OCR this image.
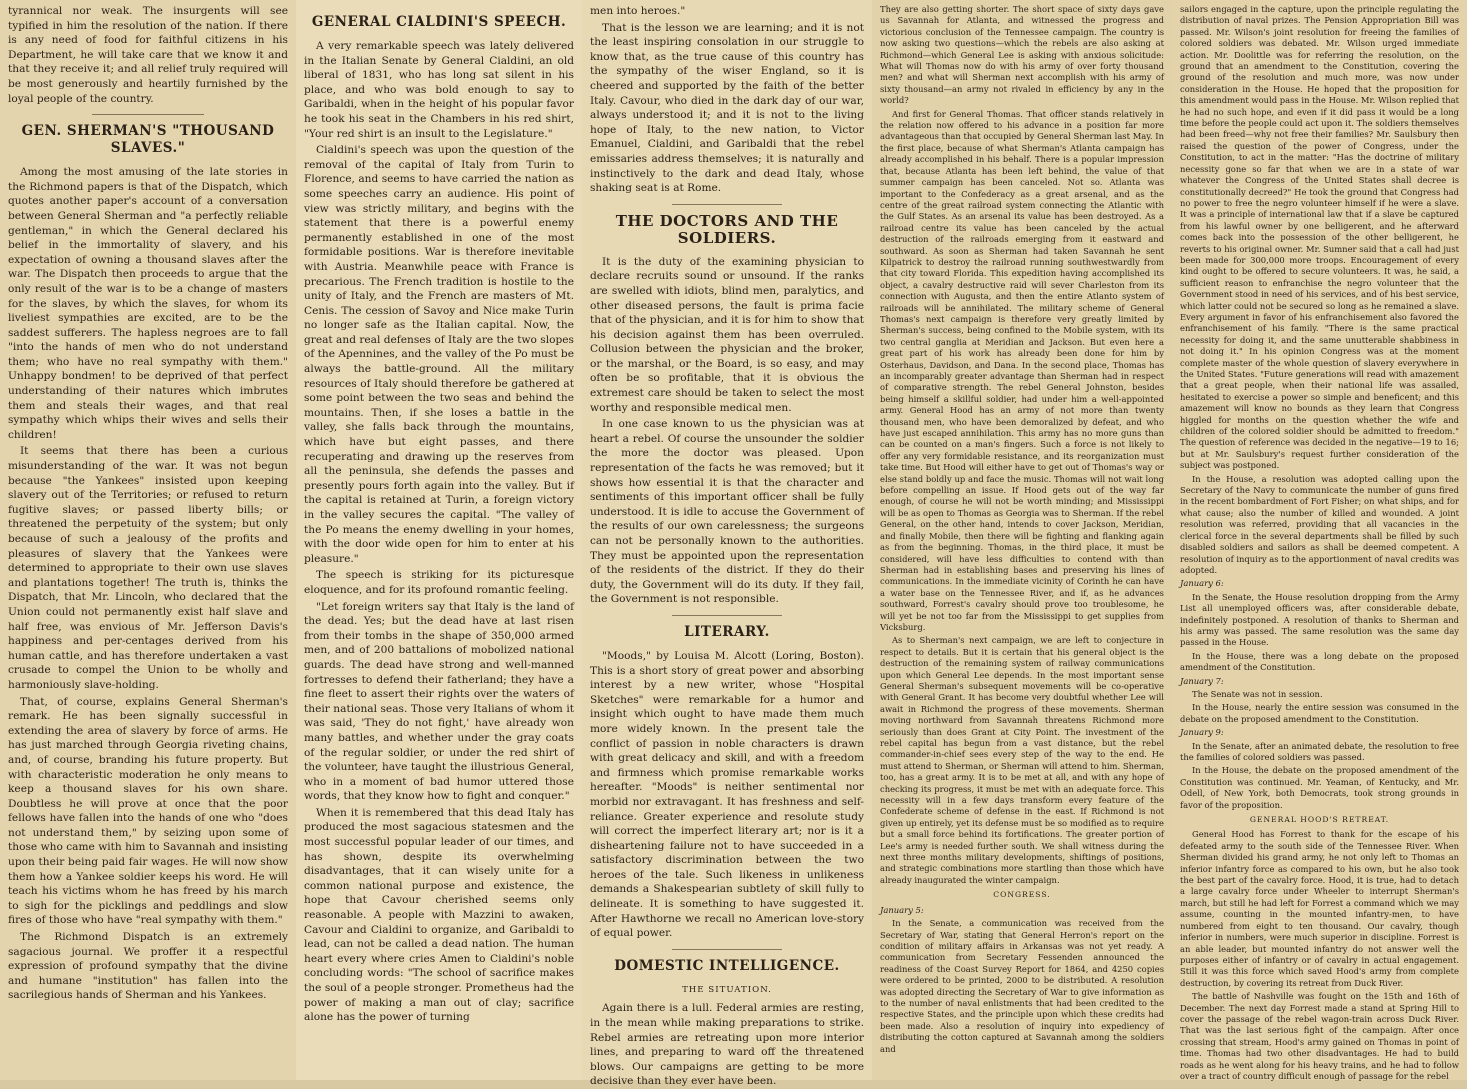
tyrannical nor weak. The insurgents will see typified in him the resolution of the nation. If there is any need of food for faithful citizens in his Department, he will take care that we know it and that they receive it; and all relief truly required will be most generously and heartily furnished by the loyal people of the country.

GEN. SHERMAN'S "THOUSAND SLAVES."

Among the most amusing of the late stories in the Richmond papers is that of the Dispatch, which quotes another paper's account of a conversation between General Sherman and "a perfectly reliable gentleman," in which the General declared his belief in the immortality of slavery, and his expectation of owning a thousand slaves after the war. The Dispatch then proceeds to argue that the only result of the war is to be a change of masters for the slaves, by which the slaves, for whom its liveliest sympathies are excited, are to be the saddest sufferers. The hapless negroes are to fall "into the hands of men who do not understand them; who have no real sympathy with them." Unhappy bondmen! to be deprived of that perfect understanding of their natures which imbrutes them and steals their wages, and that real sympathy which whips their wives and sells their children!

It seems that there has been a curious misunderstanding of the war. It was not begun because "the Yankees" insisted upon keeping slavery out of the Territories; or refused to return fugitive slaves; or passed liberty bills; or threatened the perpetuity of the system; but only because of such a jealousy of the profits and pleasures of slavery that the Yankees were determined to appropriate to their own use slaves and plantations together! The truth is, thinks the Dispatch, that Mr. Lincoln, who declared that the Union could not permanently exist half slave and half free, was envious of Mr. Jefferson Davis's happiness and per-centages derived from his human cattle, and has therefore undertaken a vast crusade to compel the Union to be wholly and harmoniously slave-holding.

That, of course, explains General Sherman's remark. He has been signally successful in extending the area of slavery by force of arms. He has just marched through Georgia riveting chains, and, of course, branding his future property. But with characteristic moderation he only means to keep a thousand slaves for his own share. Doubtless he will prove at once that the poor fellows have fallen into the hands of one who "does not understand them," by seizing upon some of those who came with him to Savannah and insisting upon their being paid fair wages. He will now show them how a Yankee soldier keeps his word. He will teach his victims whom he has freed by his march to sigh for the picklings and peddlings and slow fires of those who have "real sympathy with them."

The Richmond Dispatch is an extremely sagacious journal. We proffer it a respectful expression of profound sympathy that the divine and humane "institution" has fallen into the sacrilegious hands of Sherman and his Yankees.

GENERAL CIALDINI'S SPEECH.

A very remarkable speech was lately delivered in the Italian Senate by General Cialdini, an old liberal of 1831, who has long sat silent in his place, and who was bold enough to say to Garibaldi, when in the height of his popular favor he took his seat in the Chambers in his red shirt, "Your red shirt is an insult to the Legislature."

Cialdini's speech was upon the question of the removal of the capital of Italy from Turin to Florence, and seems to have carried the nation as some speeches carry an audience. His point of view was strictly military, and begins with the statement that there is a powerful enemy permanently established in one of the most formidable positions. War is therefore inevitable with Austria. Meanwhile peace with France is precarious. The French tradition is hostile to the unity of Italy, and the French are masters of Mt. Cenis. The cession of Savoy and Nice make Turin no longer safe as the Italian capital. Now, the great and real defenses of Italy are the two slopes of the Apennines, and the valley of the Po must be always the battle-ground. All the military resources of Italy should therefore be gathered at some point between the two seas and behind the mountains. Then, if she loses a battle in the valley, she falls back through the mountains, which have but eight passes, and there recuperating and drawing up the reserves from all the peninsula, she defends the passes and presently pours forth again into the valley. But if the capital is retained at Turin, a foreign victory in the valley secures the capital. "The valley of the Po means the enemy dwelling in your homes, with the door wide open for him to enter at his pleasure."

The speech is striking for its picturesque eloquence, and for its profound romantic feeling.

"Let foreign writers say that Italy is the land of the dead. Yes; but the dead have at last risen from their tombs in the shape of 350,000 armed men, and of 200 battalions of mobolized national guards. The dead have strong and well-manned fortresses to defend their fatherland; they have a fine fleet to assert their rights over the waters of their national seas. Those very Italians of whom it was said, 'They do not fight,' have already won many battles, and whether under the gray coats of the regular soldier, or under the red shirt of the volunteer, have taught the illustrious General, who in a moment of bad humor uttered those words, that they know how to fight and conquer."

When it is remembered that this dead Italy has produced the most sagacious statesmen and the most successful popular leader of our times, and has shown, despite its overwhelming disadvantages, that it can wisely unite for a common national purpose and existence, the hope that Cavour cherished seems only reasonable. A people with Mazzini to awaken, Cavour and Cialdini to organize, and Garibaldi to lead, can not be called a dead nation. The human heart every where cries Amen to Cialdini's noble concluding words: "The school of sacrifice makes the soul of a people stronger. Prometheus had the power of making a man out of clay; sacrifice alone has the power of turning

men into heroes."

That is the lesson we are learning; and it is not the least inspiring consolation in our struggle to know that, as the true cause of this country has the sympathy of the wiser England, so it is cheered and supported by the faith of the better Italy. Cavour, who died in the dark day of our war, always understood it; and it is not to the living hope of Italy, to the new nation, to Victor Emanuel, Cialdini, and Garibaldi that the rebel emissaries address themselves; it is naturally and instinctively to the dark and dead Italy, whose shaking seat is at Rome.

THE DOCTORS AND THE SOLDIERS.

It is the duty of the examining physician to declare recruits sound or unsound. If the ranks are swelled with idiots, blind men, paralytics, and other diseased persons, the fault is prima facie that of the physician, and it is for him to show that his decision against them has been overruled. Collusion between the physician and the broker, or the marshal, or the Board, is so easy, and may often be so profitable, that it is obvious the extremest care should be taken to select the most worthy and responsible medical men.

In one case known to us the physician was at heart a rebel. Of course the unsounder the soldier the more the doctor was pleased. Upon representation of the facts he was removed; but it shows how essential it is that the character and sentiments of this important officer shall be fully understood. It is idle to accuse the Government of the results of our own carelessness; the surgeons can not be personally known to the authorities. They must be appointed upon the representation of the residents of the district. If they do their duty, the Government will do its duty. If they fail, the Government is not responsible.

LITERARY.

"Moods," by Louisa M. Alcott (Loring, Boston). This is a short story of great power and absorbing interest by a new writer, whose "Hospital Sketches" were remarkable for a humor and insight which ought to have made them much more widely known. In the present tale the conflict of passion in noble characters is drawn with great delicacy and skill, and with a freedom and firmness which promise remarkable works hereafter. "Moods" is neither sentimental nor morbid nor extravagant. It has freshness and self-reliance. Greater experience and resolute study will correct the imperfect literary art; nor is it a disheartening failure not to have succeeded in a satisfactory discrimination between the two heroes of the tale. Such likeness in unlikeness demands a Shakespearian subtlety of skill fully to delineate. It is something to have suggested it. After Hawthorne we recall no American love-story of equal power.

DOMESTIC INTELLIGENCE.
THE SITUATION.

Again there is a lull. Federal armies are resting, in the mean while making preparations to strike. Rebel armies are retreating upon more interior lines, and preparing to ward off the threatened blows. Our campaigns are getting to be more decisive than they ever have been.

They are also getting shorter. The short space of sixty days gave us Savannah for Atlanta, and witnessed the progress and victorious conclusion of the Tennessee campaign. The country is now asking two questions—which the rebels are also asking at Richmond—which General Lee is asking with anxious solicitude: What will Thomas now do with his army of over forty thousand men? and what will Sherman next accomplish with his army of sixty thousand—an army not rivaled in efficiency by any in the world?

And first for General Thomas. That officer stands relatively in the relation now offered to his advance in a position far more advantageous than that occupied by General Sherman last May. In the first place, because of what Sherman's Atlanta campaign has already accomplished in his behalf. There is a popular impression that, because Atlanta has been left behind, the value of that summer campaign has been canceled. Not so. Atlanta was important to the Confederacy as a great arsenal, and as the centre of the great railroad system connecting the Atlantic with the Gulf States. As an arsenal its value has been destroyed. As a railroad centre its value has been canceled by the actual destruction of the railroads emerging from it eastward and southward. As soon as Sherman had taken Savannah he sent Kilpatrick to destroy the railroad running southwestwardly from that city toward Florida. This expedition having accomplished its object, a cavalry destructive raid will sever Charleston from its connection with Augusta, and then the entire Atlanto system of railroads will be annihilated. The military scheme of General Thomas's next campaign is therefore very greatly limited by Sherman's success, being confined to the Mobile system, with its two central ganglia at Meridian and Jackson. But even here a great part of his work has already been done for him by Osterhaus, Davidson, and Dana. In the second place, Thomas has an incomparably greater advantage than Sherman had in respect of comparative strength. The rebel General Johnston, besides being himself a skillful soldier, had under him a well-appointed army. General Hood has an army of not more than twenty thousand men, who have been demoralized by defeat, and who have just escaped annihilation. This army has no more guns than can be counted on a man's fingers. Such a force is not likely to offer any very formidable resistance, and its reorganization must take time. But Hood will either have to get out of Thomas's way or else stand boldly up and face the music. Thomas will not wait long before compelling an issue. If Hood gets out of the way far enough, of course he will not be worth minding; and Mississippi will be as open to Thomas as Georgia was to Sherman. If the rebel General, on the other hand, intends to cover Jackson, Meridian, and finally Mobile, then there will be fighting and flanking again as from the beginning. Thomas, in the third place, it must be considered, will have less difficulties to contend with than Sherman had in establishing bases and preserving his lines of communications. In the immediate vicinity of Corinth he can have a water base on the Tennessee River, and if, as he advances southward, Forrest's cavalry should prove too troublesome, he will yet be not too far from the Mississippi to get supplies from Vicksburg.

As to Sherman's next campaign, we are left to conjecture in respect to details. But it is certain that his general object is the destruction of the remaining system of railway communications upon which General Lee depends. In the most important sense General Sherman's subsequent movements will be co-operative with General Grant. It has become very doubtful whether Lee will await in Richmond the progress of these movements. Sherman moving northward from Savannah threatens Richmond more seriously than does Grant at City Point. The investment of the rebel capital has begun from a vast distance, but the rebel commander-in-chief sees every step of the way to the end. He must attend to Sherman, or Sherman will attend to him. Sherman, too, has a great army. It is to be met at all, and with any hope of checking its progress, it must be met with an adequate force. This necessity will in a few days transform every feature of the Confederate scheme of defense in the east. If Richmond is not given up entirely, yet its defense must be so modified as to require but a small force behind its fortifications. The greater portion of Lee's army is needed further south. We shall witness during the next three months military developments, shiftings of positions, and strategic combinations more startling than those which have already inaugurated the winter campaign.

CONGRESS.

January 5:

In the Senate, a communication was received from the Secretary of War, stating that General Herron's report on the condition of military affairs in Arkansas was not yet ready. A communication from Secretary Fessenden announced the readiness of the Coast Survey Report for 1864, and 4250 copies were ordered to be printed, 2000 to be distributed. A resolution was adopted directing the Secretary of War to give information as to the number of naval enlistments that had been credited to the respective States, and the principle upon which these credits had been made. Also a resolution of inquiry into expediency of distributing the cotton captured at Savannah among the soldiers and

sailors engaged in the capture, upon the principle regulating the distribution of naval prizes. The Pension Appropriation Bill was passed. Mr. Wilson's joint resolution for freeing the families of colored soldiers was debated. Mr. Wilson urged immediate action. Mr. Doolittle was for referring the resolution, on the ground that an amendment to the Constitution, covering the ground of the resolution and much more, was now under consideration in the House. He hoped that the proposition for this amendment would pass in the House. Mr. Wilson replied that he had no such hope, and even if it did pass it would be a long time before the people could act upon it. The soldiers themselves had been freed—why not free their families? Mr. Saulsbury then raised the question of the power of Congress, under the Constitution, to act in the matter: "Has the doctrine of military necessity gone so far that when we are in a state of war whatever the Congress of the United States shall decree is constitutionally decreed?" He took the ground that Congress had no power to free the negro volunteer himself if he were a slave. It was a principle of international law that if a slave be captured from his lawful owner by one belligerent, and he afterward comes back into the possession of the other belligerent, he reverts to his original owner. Mr. Sumner said that a call had just been made for 300,000 more troops. Encouragement of every kind ought to be offered to secure volunteers. It was, he said, a sufficient reason to enfranchise the negro volunteer that the Government stood in need of his services, and of his best service, which latter could not be secured so long as he remained a slave. Every argument in favor of his enfranchisement also favored the enfranchisement of his family. "There is the same practical necessity for doing it, and the same unutterable shabbiness in not doing it." In his opinion Congress was at the moment complete master of the whole question of slavery everywhere in the United States. "Future generations will read with amazement that a great people, when their national life was assailed, hesitated to exercise a power so simple and beneficent; and this amazement will know no bounds as they learn that Congress higgled for months on the question whether the wife and children of the colored soldier should be admitted to freedom." The question of reference was decided in the negative—19 to 16; but at Mr. Saulsbury's request further consideration of the subject was postponed.

In the House, a resolution was adopted calling upon the Secretary of the Navy to communicate the number of guns fired in the recent bombardment of Fort Fisher; on what ships, and for what cause; also the number of killed and wounded. A joint resolution was referred, providing that all vacancies in the clerical force in the several departments shall be filled by such disabled soldiers and sailors as shall be deemed competent. A resolution of inquiry as to the apportionment of naval credits was adopted.

January 6:

In the Senate, the House resolution dropping from the Army List all unemployed officers was, after considerable debate, indefinitely postponed. A resolution of thanks to Sherman and his army was passed. The same resolution was the same day passed in the House.

In the House, there was a long debate on the proposed amendment of the Constitution.

January 7:

The Senate was not in session.

In the House, nearly the entire session was consumed in the debate on the proposed amendment to the Constitution.

January 9:

In the Senate, after an animated debate, the resolution to free the families of colored soldiers was passed.

In the House, the debate on the proposed amendment of the Constitution was continued. Mr. Yeaman, of Kentucky, and Mr. Odell, of New York, both Democrats, took strong grounds in favor of the proposition.

GENERAL HOOD'S RETREAT.

General Hood has Forrest to thank for the escape of his defeated army to the south side of the Tennessee River. When Sherman divided his grand army, he not only left to Thomas an inferior infantry force as compared to his own, but he also took the best part of the cavalry force. Hood, it is true, had to detach a large cavalry force under Wheeler to interrupt Sherman's march, but still he had left for Forrest a command which we may assume, counting in the mounted infantry-men, to have numbered from eight to ten thousand. Our cavalry, though inferior in numbers, were much superior in discipline. Forrest is an able leader, but mounted infantry do not answer well the purposes either of infantry or of cavalry in actual engagement. Still it was this force which saved Hood's army from complete destruction, by covering its retreat from Duck River.

The battle of Nashville was fought on the 15th and 16th of December. The next day Forrest made a stand at Spring Hill to cover the passage of the rebel wagon-train across Duck River. That was the last serious fight of the campaign. After once crossing that stream, Hood's army gained on Thomas in point of time. Thomas had two other disadvantages. He had to build roads as he went along for his heavy trains, and he had to follow over a tract of country difficult enough of passage for the rebel
